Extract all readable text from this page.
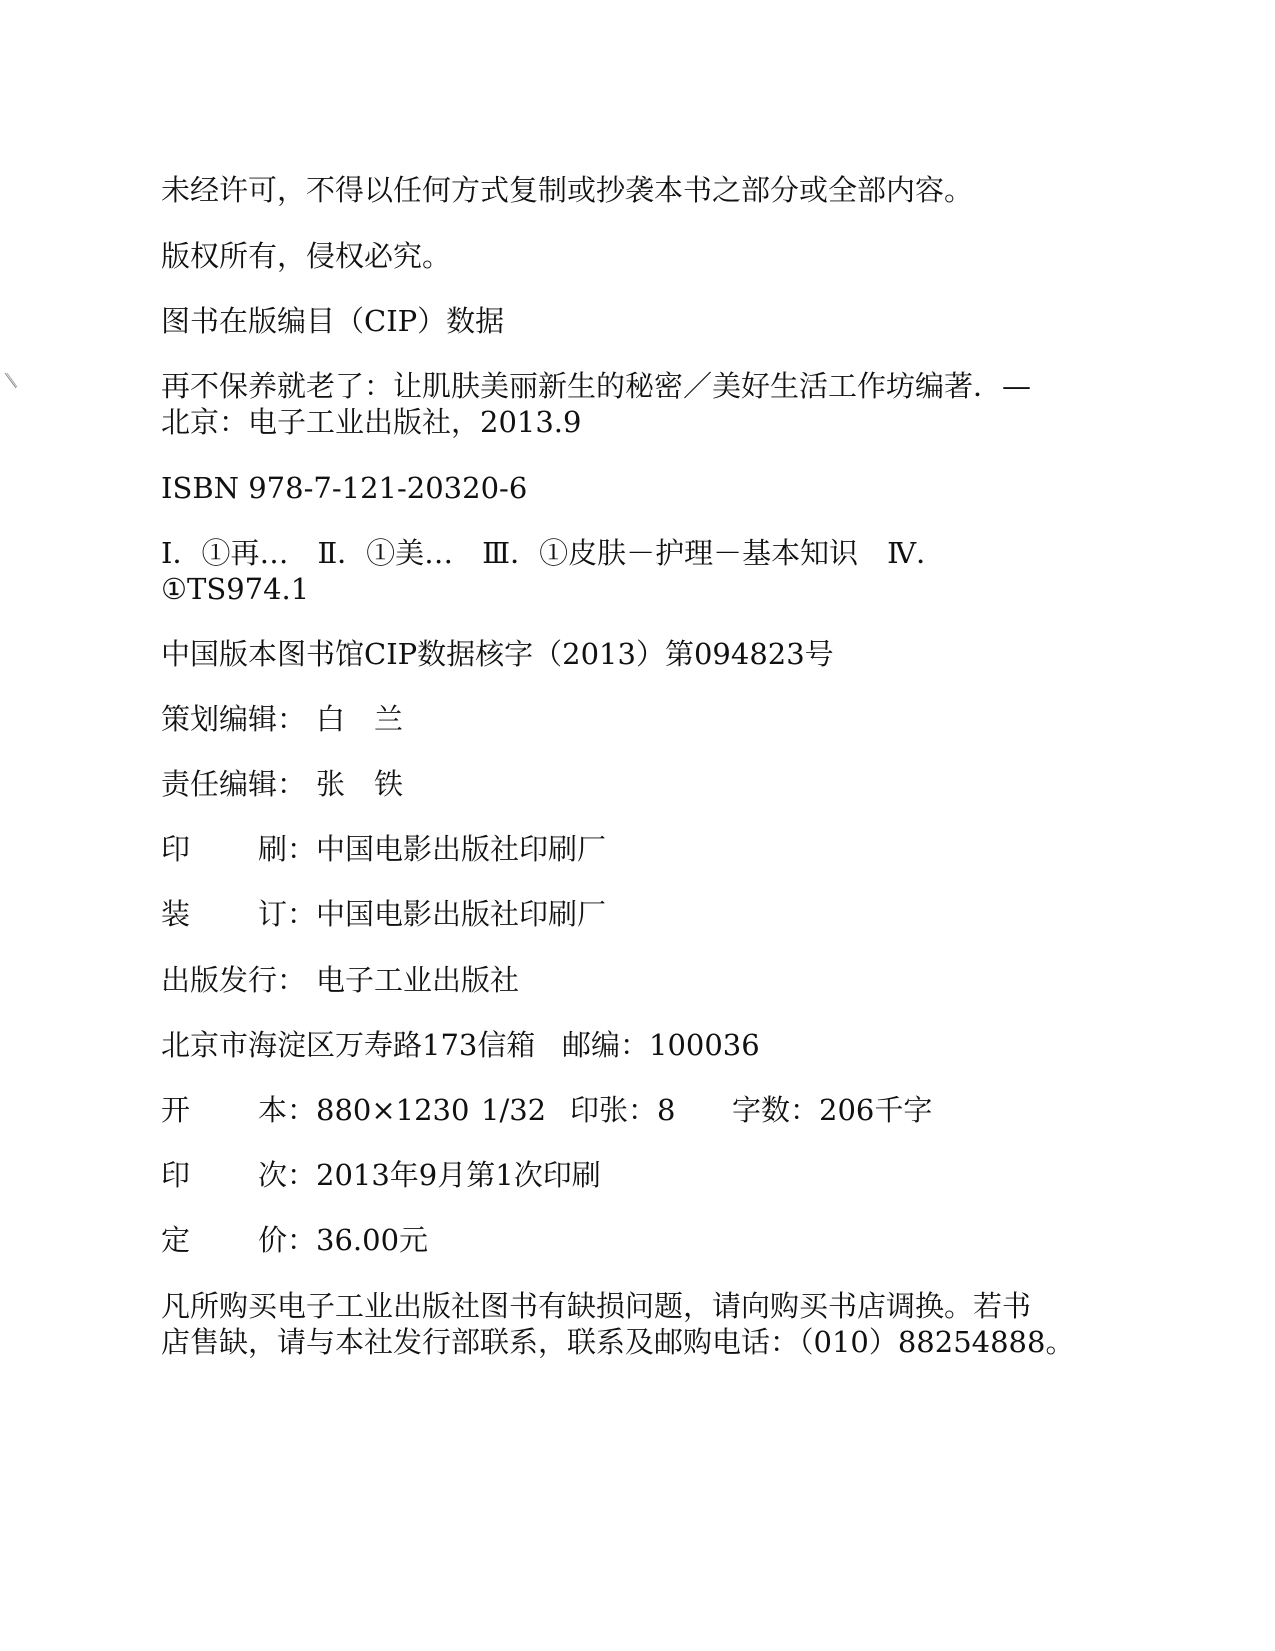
未经许可，不得以任何方式复制或抄袭本书之部分或全部内容。

版权所有，侵权必究。

图书在版编目（CIP）数据

再不保养就老了：让肌肤美丽新生的秘密／美好生活工作坊编著．—
北京：电子工业出版社，2013.9

ISBN 978-7-121-20320-6

Ⅰ．①再…　Ⅱ．①美…　Ⅲ．①皮肤－护理－基本知识　Ⅳ．
①TS974.1

中国版本图书馆CIP数据核字（2013）第094823号

策划编辑： 白　兰
责任编辑： 张　铁
印 刷： 中国电影出版社印刷厂
装 订： 中国电影出版社印刷厂
出版发行： 电子工业出版社
北京市海淀区万寿路173信箱 邮编：100036
开 本： 880×1230 1/32 印张：8 字数：206千字
印 次： 2013年9月第1次印刷
定 价： 36.00元
凡所购买电子工业出版社图书有缺损问题，请向购买书店调换。若书
店售缺，请与本社发行部联系，联系及邮购电话：（010）88254888。
